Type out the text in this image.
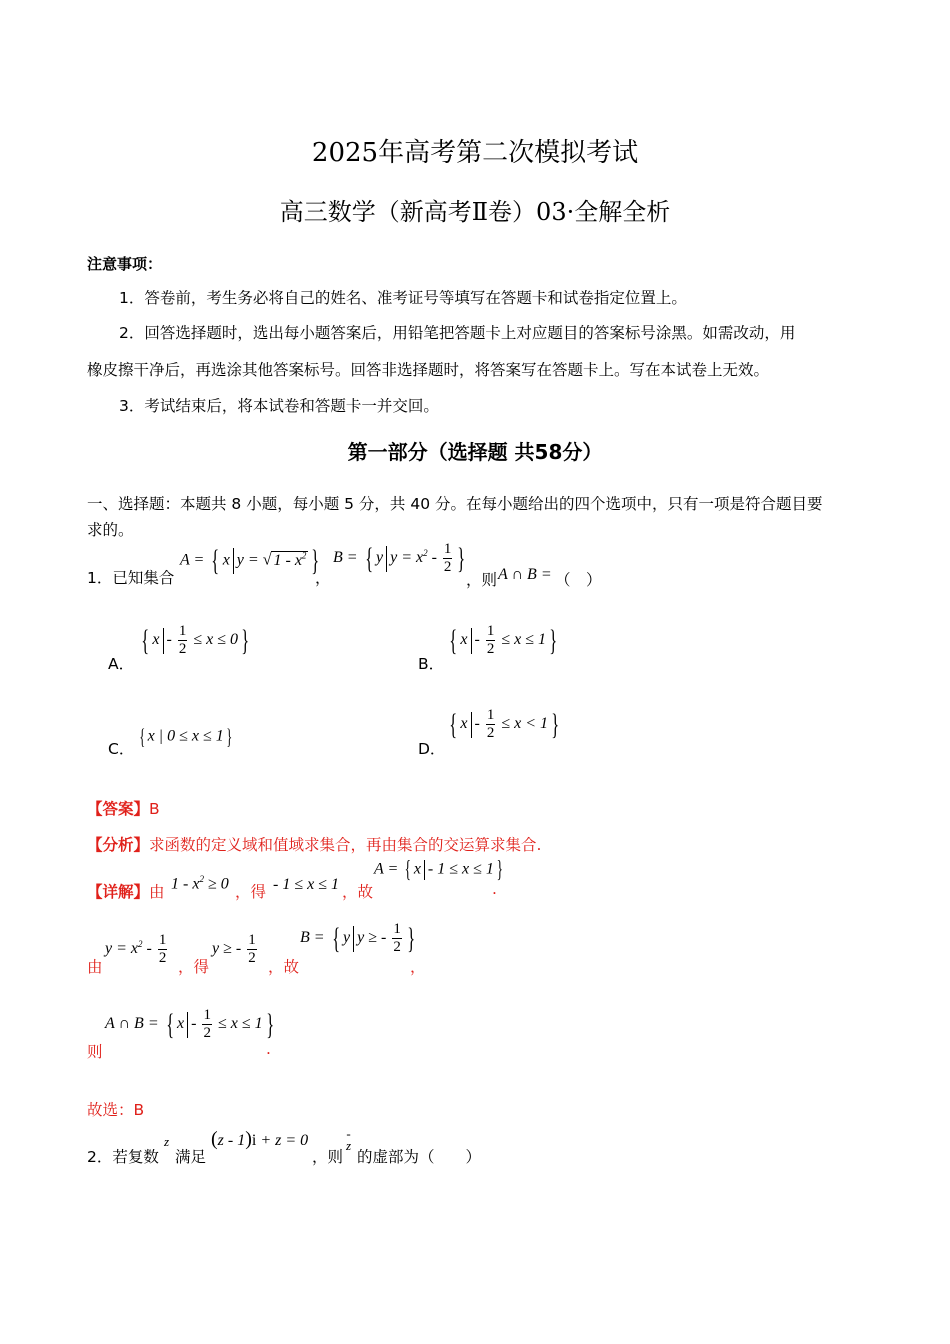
2025年高考第二次模拟考试
高三数学（新高考Ⅱ卷）03·全解全析
注意事项：
1．答卷前，考生务必将自己的姓名、准考证号等填写在答题卡和试卷指定位置上。
2．回答选择题时，选出每小题答案后，用铅笔把答题卡上对应题目的答案标号涂黑。如需改动，用
橡皮擦干净后，再选涂其他答案标号。回答非选择题时，将答案写在答题卡上。写在本试卷上无效。
3．考试结束后，将本试卷和答题卡一并交回。
第一部分（选择题 共58分）
一、选择题：本题共 8 小题，每小题 5 分，共 40 分。在每小题给出的四个选项中，只有一项是符合题目要
求的。
1．已知集合
A = { x y = √ $1 - x^2$ }
，
B = { y $y = x^2 - \frac{1}{2}$ }
，则 A ∩ B = （　）
A．
{ $x - \frac{1}{2} \le x \le 0$ }
B．
{ $x - \frac{1}{2} \le x \le 1$ }
C． { x | 0 ≤ x ≤ 1 }	D．
{ $x - \frac{1}{2} \le x < 1$ }
【答案】B
【分析】求函数的定义域和值域求集合，再由集合的交运算求集合.
【详解】由 $1 - x^2 \ge 0$ ，得 - 1 ≤ x ≤ 1 ，故
A = { x - 1 ≤ x ≤ 1 }
.
由
$y = x^2 - \frac{1}{2}$
，得
y ≥ - $\frac{1}{2}$
，故
B = { y y ≥ - $\frac{1}{2}$ }
，
则
A ∩ B = { $x - \frac{1}{2} \le x \le 1$ }
.
故选：B
2．若复数
z
满足
(z - 1)i + z = 0
，则
-
z
的虚部为（　　）
